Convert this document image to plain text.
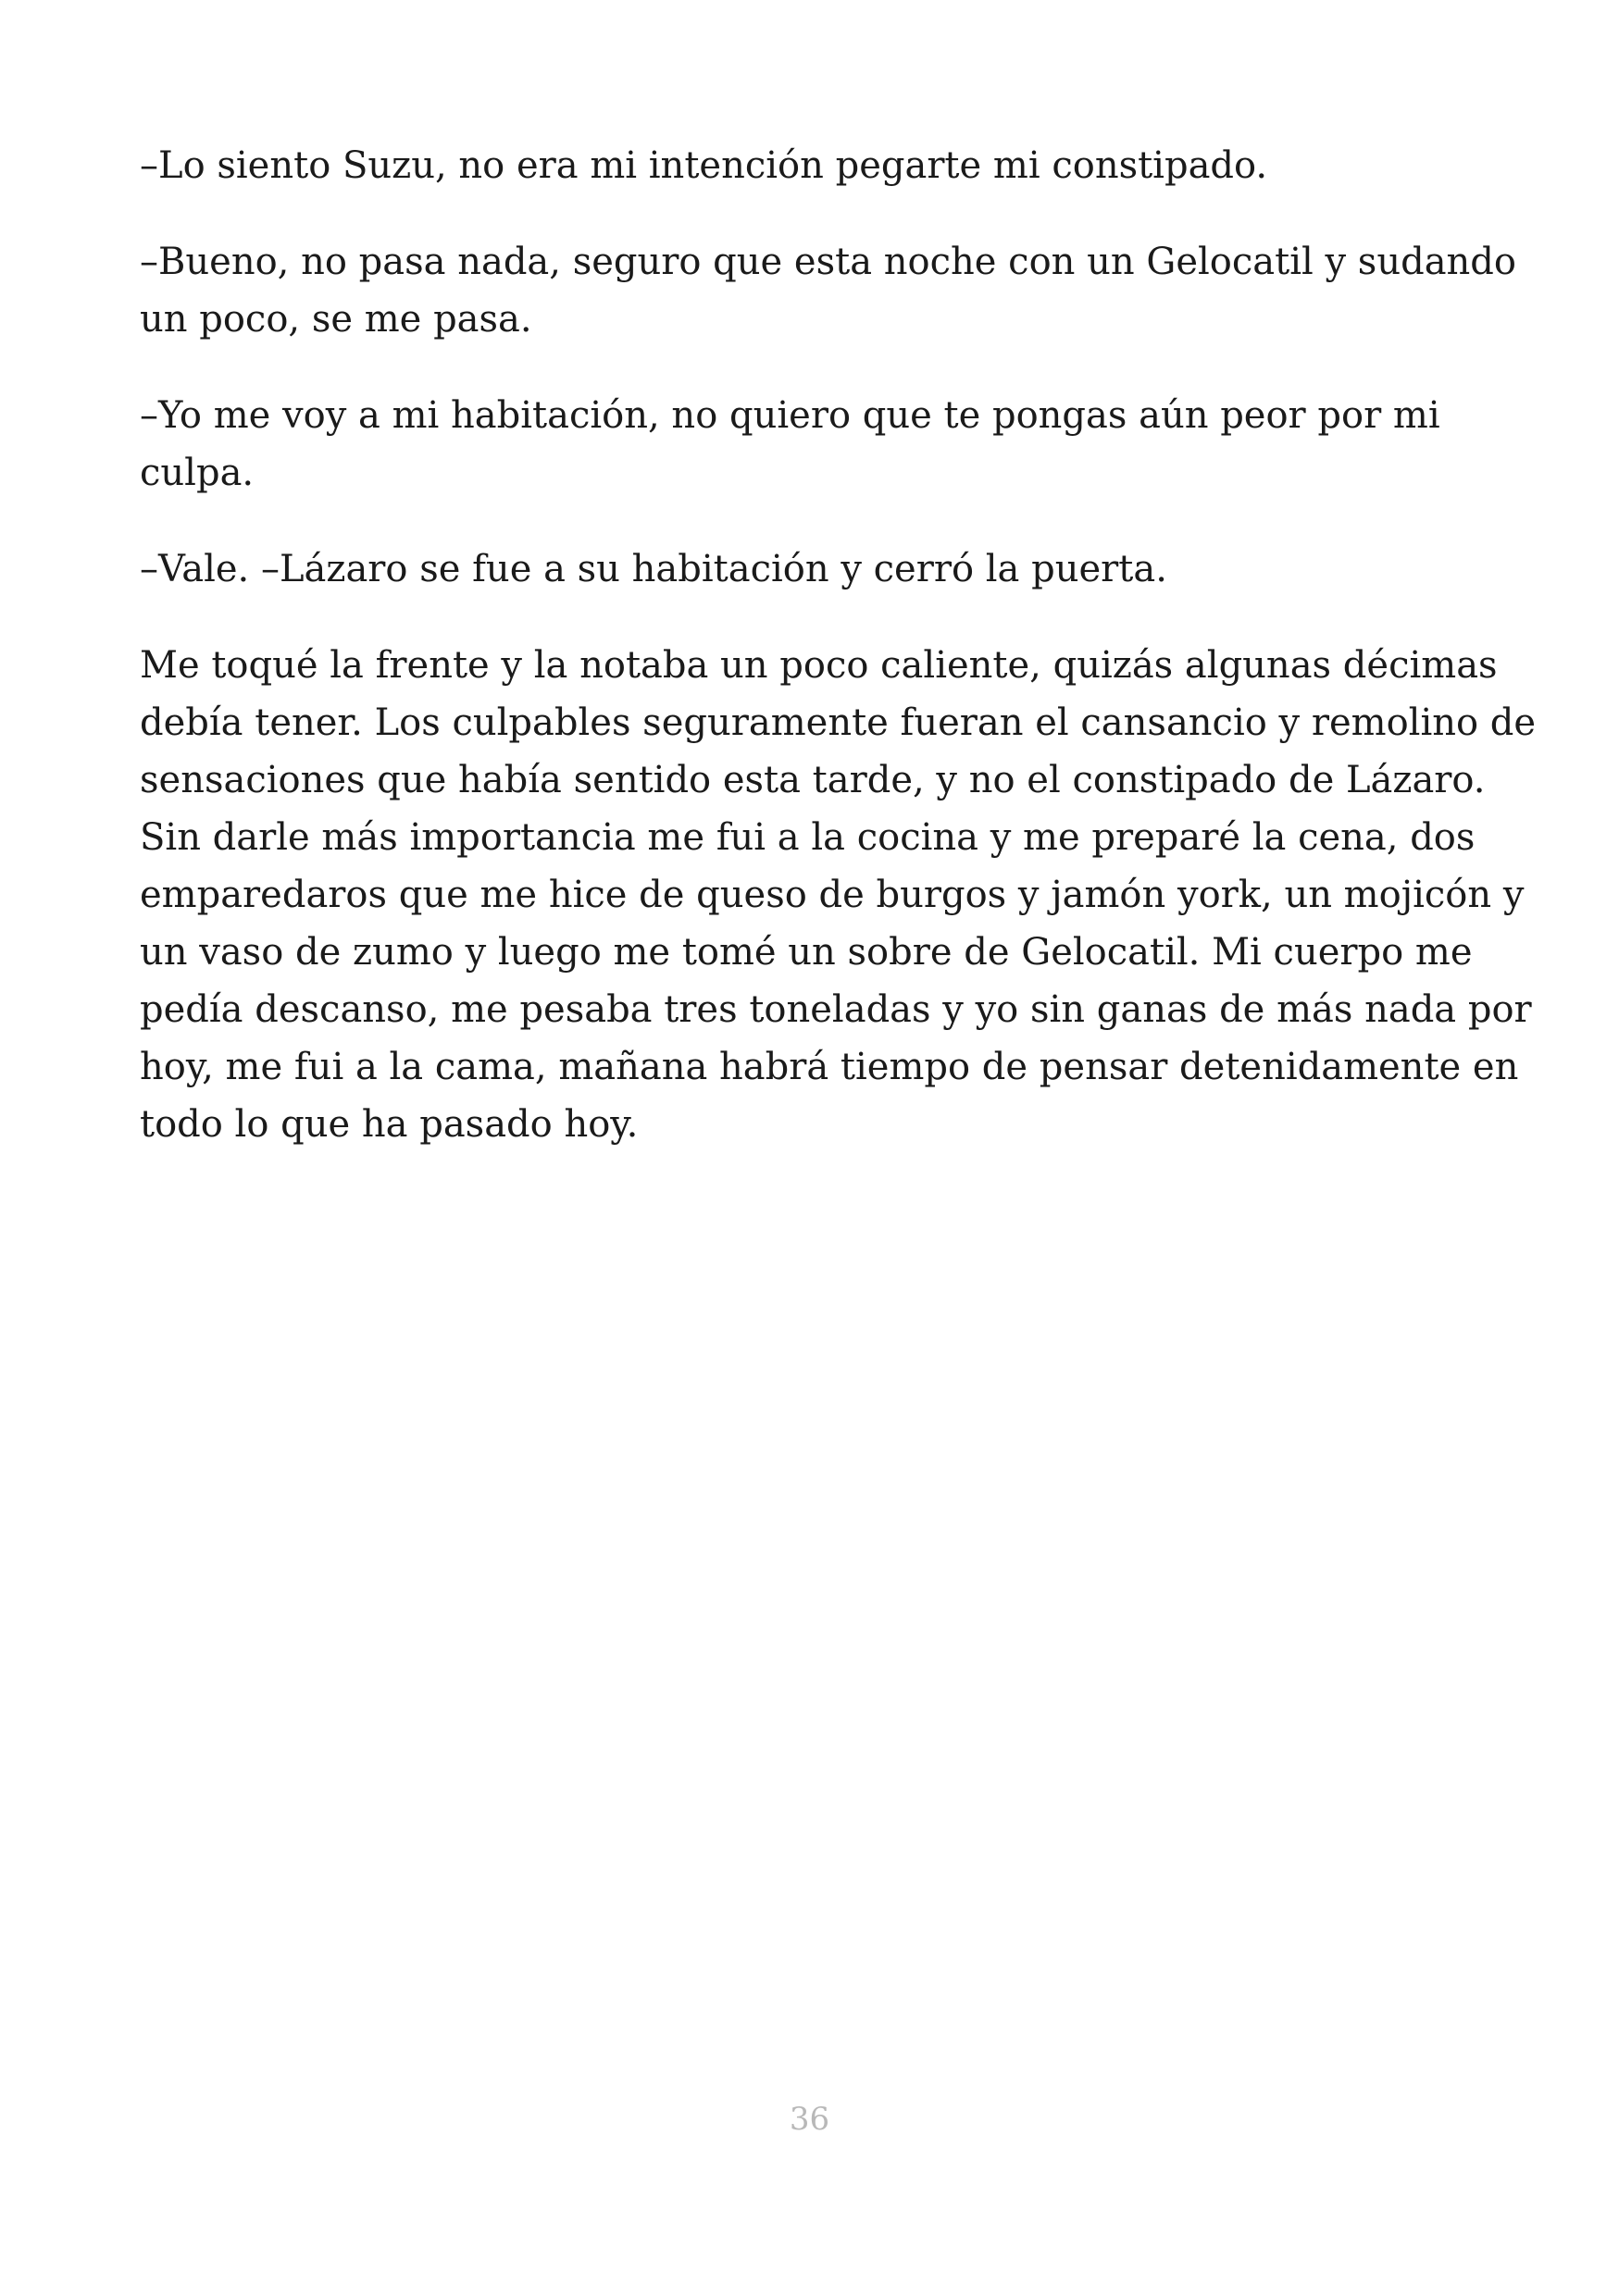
–Lo siento Suzu, no era mi intención pegarte mi constipado.

–Bueno, no pasa nada, seguro que esta noche con un Gelocatil y sudando
un poco, se me pasa.

–Yo me voy a mi habitación, no quiero que te pongas aún peor por mi
culpa.

–Vale. –Lázaro se fue a su habitación y cerró la puerta.

Me toqué la frente y la notaba un poco caliente, quizás algunas décimas
debía tener. Los culpables seguramente fueran el cansancio y remolino de
sensaciones que había sentido esta tarde, y no el constipado de Lázaro.
Sin darle más importancia me fui a la cocina y me preparé la cena, dos
emparedaros que me hice de queso de burgos y jamón york, un mojicón y
un vaso de zumo y luego me tomé un sobre de Gelocatil. Mi cuerpo me
pedía descanso, me pesaba tres toneladas y yo sin ganas de más nada por
hoy, me fui a la cama, mañana habrá tiempo de pensar detenidamente en
todo lo que ha pasado hoy.

36
